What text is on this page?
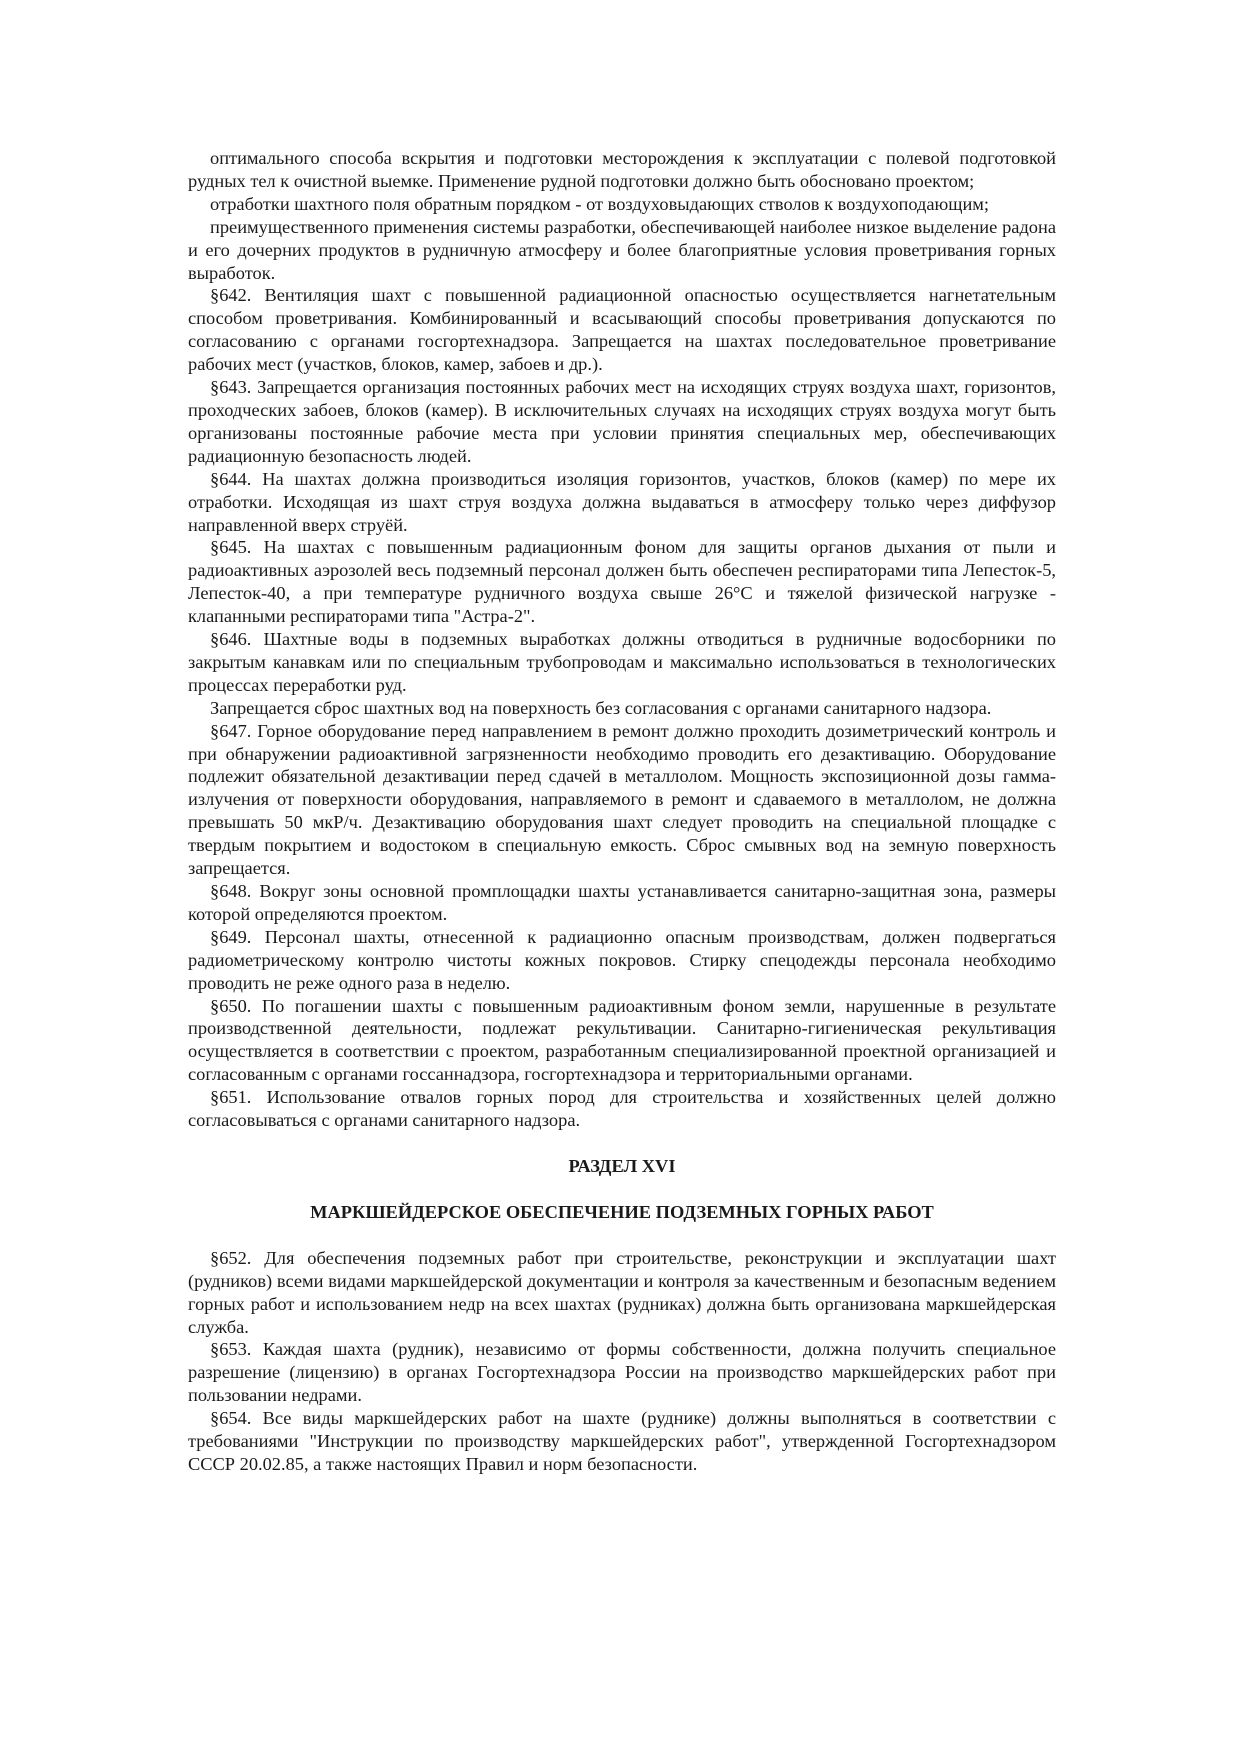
оптимального способа вскрытия и подготовки месторождения к эксплуатации с полевой подготовкой рудных тел к очистной выемке. Применение рудной подготовки должно быть обосновано проектом;

отработки шахтного поля обратным порядком - от воздуховыдающих стволов к воздухоподающим;

преимущественного применения системы разработки, обеспечивающей наиболее низкое выделение радона и его дочерних продуктов в рудничную атмосферу и более благоприятные условия проветривания горных выработок.

§642. Вентиляция шахт с повышенной радиационной опасностью осуществляется нагнетательным способом проветривания. Комбинированный и всасывающий способы проветривания допускаются по согласованию с органами госгортехнадзора. Запрещается на шахтах последовательное проветривание рабочих мест (участков, блоков, камер, забоев и др.).

§643. Запрещается организация постоянных рабочих мест на исходящих струях воздуха шахт, горизонтов, проходческих забоев, блоков (камер). В исключительных случаях на исходящих струях воздуха могут быть организованы постоянные рабочие места при условии принятия специальных мер, обеспечивающих радиационную безопасность людей.

§644. На шахтах должна производиться изоляция горизонтов, участков, блоков (камер) по мере их отработки. Исходящая из шахт струя воздуха должна выдаваться в атмосферу только через диффузор направленной вверх струёй.

§645. На шахтах с повышенным радиационным фоном для защиты органов дыхания от пыли и радиоактивных аэрозолей весь подземный персонал должен быть обеспечен респираторами типа Лепесток-5, Лепесток-40, а при температуре рудничного воздуха свыше 26°С и тяжелой физической нагрузке - клапанными респираторами типа "Астра-2".

§646. Шахтные воды в подземных выработках должны отводиться в рудничные водосборники по закрытым канавкам или по специальным трубопроводам и максимально использоваться в технологических процессах переработки руд.

Запрещается сброс шахтных вод на поверхность без согласования с органами санитарного надзора.

§647. Горное оборудование перед направлением в ремонт должно проходить дозиметрический контроль и при обнаружении радиоактивной загрязненности необходимо проводить его дезактивацию. Оборудование подлежит обязательной дезактивации перед сдачей в металлолом. Мощность экспозиционной дозы гамма-излучения от поверхности оборудования, направляемого в ремонт и сдаваемого в металлолом, не должна превышать 50 мкР/ч. Дезактивацию оборудования шахт следует проводить на специальной площадке с твердым покрытием и водостоком в специальную емкость. Сброс смывных вод на земную поверхность запрещается.

§648. Вокруг зоны основной промплощадки шахты устанавливается санитарно-защитная зона, размеры которой определяются проектом.

§649. Персонал шахты, отнесенной к радиационно опасным производствам, должен подвергаться радиометрическому контролю чистоты кожных покровов. Стирку спецодежды персонала необходимо проводить не реже одного раза в неделю.

§650. По погашении шахты с повышенным радиоактивным фоном земли, нарушенные в результате производственной деятельности, подлежат рекультивации. Санитарно-гигиеническая рекультивация осуществляется в соответствии с проектом, разработанным специализированной проектной организацией и согласованным с органами госсаннадзора, госгортехнадзора и территориальными органами.

§651. Использование отвалов горных пород для строительства и хозяйственных целей должно согласовываться с органами санитарного надзора.

РАЗДЕЛ XVI

МАРКШЕЙДЕРСКОЕ ОБЕСПЕЧЕНИЕ ПОДЗЕМНЫХ ГОРНЫХ РАБОТ

§652. Для обеспечения подземных работ при строительстве, реконструкции и эксплуатации шахт (рудников) всеми видами маркшейдерской документации и контроля за качественным и безопасным ведением горных работ и использованием недр на всех шахтах (рудниках) должна быть организована маркшейдерская служба.

§653. Каждая шахта (рудник), независимо от формы собственности, должна получить специальное разрешение (лицензию) в органах Госгортехнадзора России на производство маркшейдерских работ при пользовании недрами.

§654. Все виды маркшейдерских работ на шахте (руднике) должны выполняться в соответствии с требованиями "Инструкции по производству маркшейдерских работ", утвержденной Госгортехнадзором СССР 20.02.85, а также настоящих Правил и норм безопасности.
